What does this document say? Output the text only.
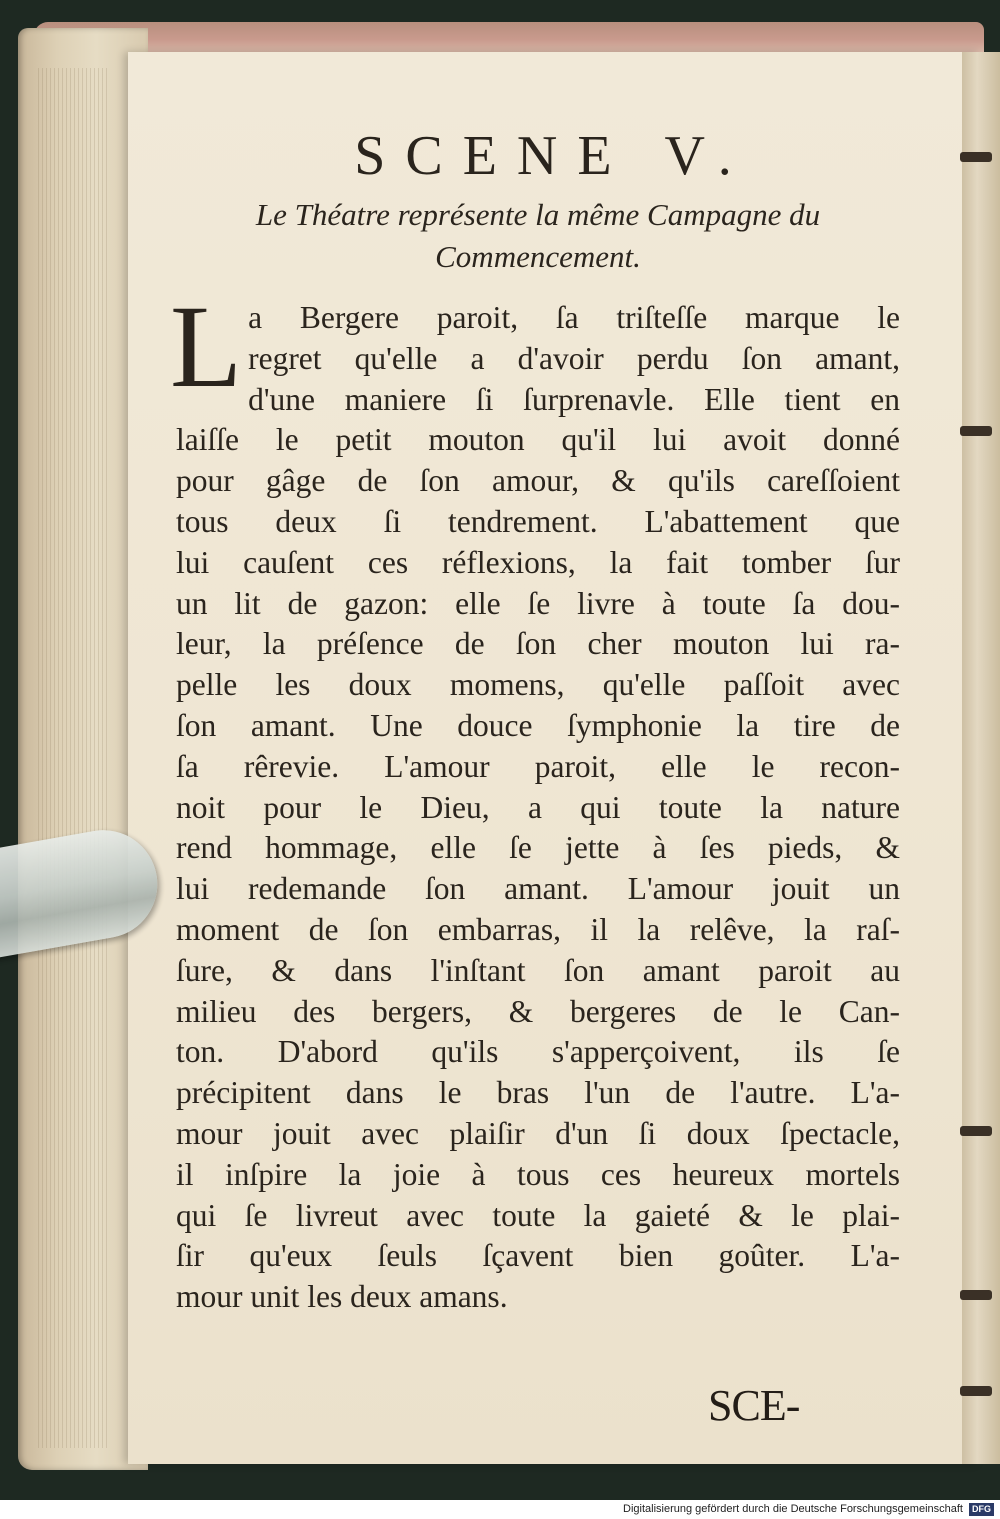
SCENE V.
Le Théatre représente la même Campagne du
Commencement.
L a Bergere paroit, ſa triſteſſe marque le
regret qu'elle a d'avoir perdu ſon amant,
d'une maniere ſi ſurprenavle. Elle tient en
laiſſe le petit mouton qu'il lui avoit donné
pour gâge de ſon amour, & qu'ils careſſoient
tous deux ſi tendrement. L'abattement que
lui cauſent ces réflexions, la fait tomber ſur
un lit de gazon: elle ſe livre à toute ſa dou-
leur, la préſence de ſon cher mouton lui ra-
pelle les doux momens, qu'elle paſſoit avec
ſon amant. Une douce ſymphonie la tire de
ſa rêrevie. L'amour paroit, elle le recon-
noit pour le Dieu, a qui toute la nature
rend hommage, elle ſe jette à ſes pieds, &
lui redemande ſon amant. L'amour jouit un
moment de ſon embarras, il la relêve, la raſ-
ſure, & dans l'inſtant ſon amant paroit au
milieu des bergers, & bergeres de le Can-
ton. D'abord qu'ils s'apperçoivent, ils ſe
précipitent dans le bras l'un de l'autre. L'a-
mour jouit avec plaiſir d'un ſi doux ſpectacle,
il inſpire la joie à tous ces heureux mortels
qui ſe livreut avec toute la gaieté & le plai-
ſir qu'eux ſeuls ſçavent bien goûter. L'a-
mour unit les deux amans.
SCE-
Digitalisierung gefördert durch die Deutsche Forschungsgemeinschaft DFG
